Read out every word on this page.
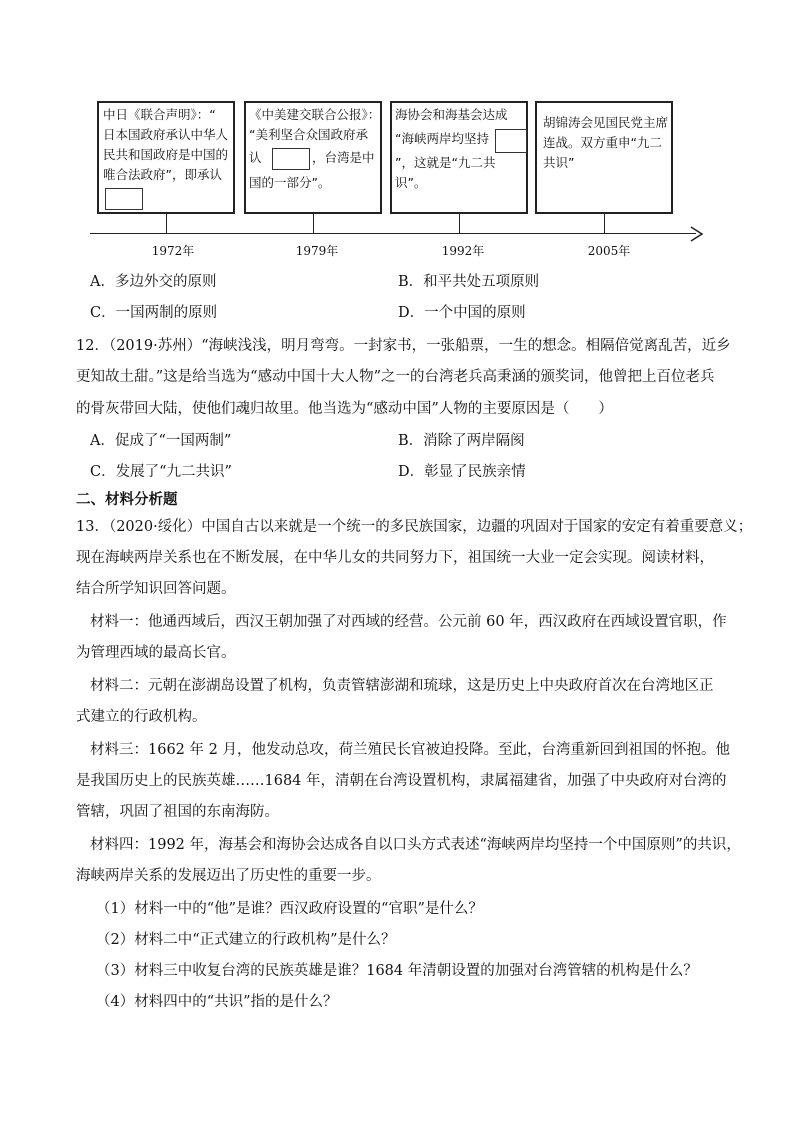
中日《联合声明》：“
日本国政府承认中华人
民共和国政府是中国的
唯合法政府”，即承认
《中美建交联合公报》：
“美利坚合众国政府承
认	，台湾是中
国的一部分”。
海协会和海基会达成
“海峡两岸均坚持
”，这就是“九二共
识”。
胡锦涛会见国民党主席
连战。双方重申“九二
共识”
1972年	1979年	1992年	2005年
A．多边外交的原则	B．和平共处五项原则
C．一国两制的原则	D．一个中国的原则
12．（2019·苏州）“海峡浅浅，明月弯弯。一封家书，一张船票，一生的想念。相隔倍觉离乱苦，近乡
更知故土甜。”这是给当选为“感动中国十大人物”之一的台湾老兵高秉涵的颁奖词，他曾把上百位老兵
的骨灰带回大陆，使他们魂归故里。他当选为“感动中国”人物的主要原因是（　　）
A．促成了“一国两制”	B．消除了两岸隔阂
C．发展了“九二共识”	D．彰显了民族亲情
二、材料分析题
13．（2020·绥化）中国自古以来就是一个统一的多民族国家，边疆的巩固对于国家的安定有着重要意义；
现在海峡两岸关系也在不断发展，在中华儿女的共同努力下，祖国统一大业一定会实现。阅读材料，
结合所学知识回答问题。
材料一：他通西域后，西汉王朝加强了对西域的经营。公元前 60 年，西汉政府在西域设置官职，作
为管理西域的最高长官。
材料二：元朝在澎湖岛设置了机构，负责管辖澎湖和琉球，这是历史上中央政府首次在台湾地区正
式建立的行政机构。
材料三：1662 年 2 月，他发动总攻，荷兰殖民长官被迫投降。至此，台湾重新回到祖国的怀抱。他
是我国历史上的民族英雄……1684 年，清朝在台湾设置机构，隶属福建省，加强了中央政府对台湾的
管辖，巩固了祖国的东南海防。
材料四：1992 年，海基会和海协会达成各自以口头方式表述“海峡两岸均坚持一个中国原则”的共识，
海峡两岸关系的发展迈出了历史性的重要一步。
（1）材料一中的“他”是谁？西汉政府设置的“官职”是什么？
（2）材料二中“正式建立的行政机构”是什么？
（3）材料三中收复台湾的民族英雄是谁？1684 年清朝设置的加强对台湾管辖的机构是什么？
（4）材料四中的“共识”指的是什么？
